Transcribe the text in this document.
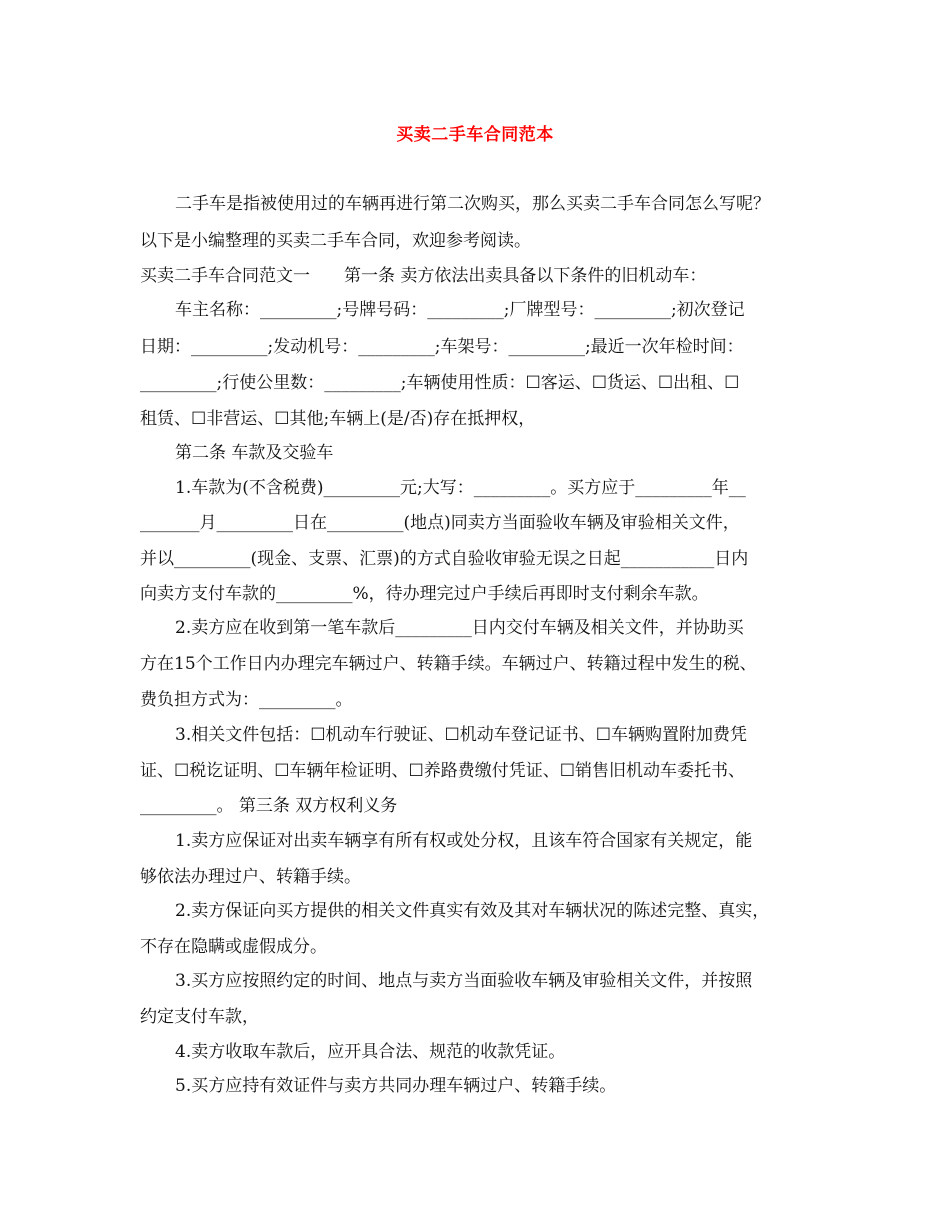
买卖二手车合同范本
二手车是指被使用过的车辆再进行第二次购买，那么买卖二手车合同怎么写呢？
以下是小编整理的买卖二手车合同，欢迎参考阅读。
买卖二手车合同范文一　　第一条 卖方依法出卖具备以下条件的旧机动车：
车主名称：_________;号牌号码：_________;厂牌型号：_________;初次登记
日期：_________;发动机号：_________;车架号：_________;最近一次年检时间：
_________;行使公里数：_________;车辆使用性质：☐客运、☐货运、☐出租、☐
租赁、☐非营运、☐其他;车辆上(是/否)存在抵押权，
第二条 车款及交验车
1.车款为(不含税费)_________元;大写：_________。买方应于_________年__
_______月_________日在_________(地点)同卖方当面验收车辆及审验相关文件，
并以_________(现金、支票、汇票)的方式自验收审验无误之日起___________日内
向卖方支付车款的_________%，待办理完过户手续后再即时支付剩余车款。
2.卖方应在收到第一笔车款后_________日内交付车辆及相关文件，并协助买
方在15个工作日内办理完车辆过户、转籍手续。车辆过户、转籍过程中发生的税、
费负担方式为：_________。
3.相关文件包括：☐机动车行驶证、☐机动车登记证书、☐车辆购置附加费凭
证、☐税讫证明、☐车辆年检证明、☐养路费缴付凭证、☐销售旧机动车委托书、
_________。 第三条 双方权利义务
1.卖方应保证对出卖车辆享有所有权或处分权，且该车符合国家有关规定，能
够依法办理过户、转籍手续。
2.卖方保证向买方提供的相关文件真实有效及其对车辆状况的陈述完整、真实，
不存在隐瞒或虚假成分。
3.买方应按照约定的时间、地点与卖方当面验收车辆及审验相关文件，并按照
约定支付车款，
4.卖方收取车款后，应开具合法、规范的收款凭证。
5.买方应持有效证件与卖方共同办理车辆过户、转籍手续。
